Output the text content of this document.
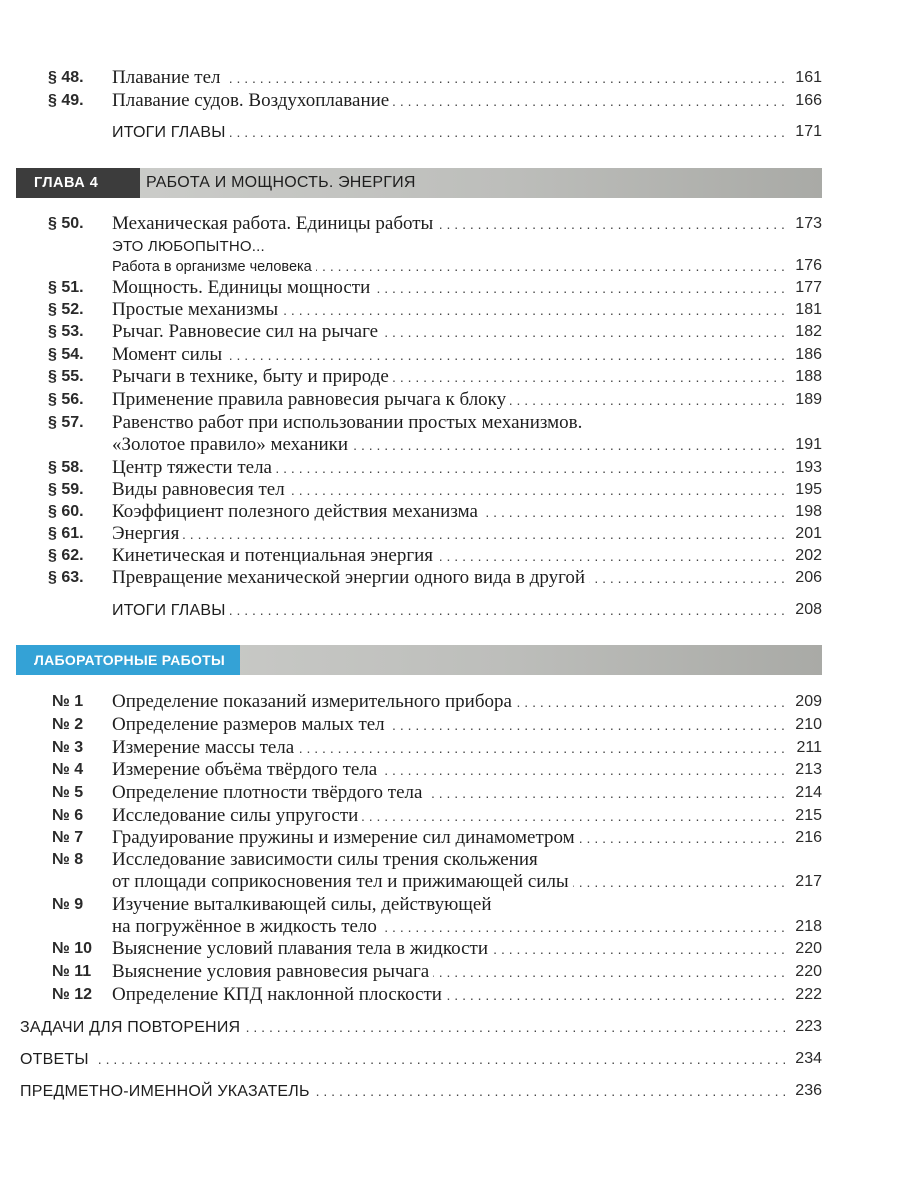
§ 48.	Плавание тел . . .	161
§ 49.	Плавание судов. Воздухоплавание . . .	166
ИТОГИ ГЛАВЫ . . .	171
ГЛАВА 4	РАБОТА И МОЩНОСТЬ. ЭНЕРГИЯ
§ 50.	Механическая работа. Единицы работы . . .	173
ЭТО ЛЮБОПЫТНО...
Работа в организме человека . . .	176
§ 51.	Мощность. Единицы мощности . . .	177
§ 52.	Простые механизмы . . .	181
§ 53.	Рычаг. Равновесие сил на рычаге . . .	182
§ 54.	Момент силы . . .	186
§ 55.	Рычаги в технике, быту и природе . . .	188
§ 56.	Применение правила равновесия рычага к блоку . . .	189
§ 57.	Равенство работ при использовании простых механизмов.
«Золотое правило» механики . . .	191
§ 58.	Центр тяжести тела . . .	193
§ 59.	Виды равновесия тел . . .	195
§ 60.	Коэффициент полезного действия механизма . . .	198
§ 61.	Энергия . . .	201
§ 62.	Кинетическая и потенциальная энергия . . .	202
§ 63.	Превращение механической энергии одного вида в другой . . .	206
ИТОГИ ГЛАВЫ . . .	208
ЛАБОРАТОРНЫЕ РАБОТЫ
№ 1	Определение показаний измерительного прибора . . .	209
№ 2	Определение размеров малых тел . . .	210
№ 3	Измерение массы тела . . .	211
№ 4	Измерение объёма твёрдого тела . . .	213
№ 5	Определение плотности твёрдого тела . . .	214
№ 6	Исследование силы упругости . . .	215
№ 7	Градуирование пружины и измерение сил динамометром . . .	216
№ 8	Исследование зависимости силы трения скольжения
от площади соприкосновения тел и прижимающей силы . . .	217
№ 9	Изучение выталкивающей силы, действующей
на погружённое в жидкость тело . . .	218
№ 10	Выяснение условий плавания тела в жидкости . . .	220
№ 11	Выяснение условия равновесия рычага . . .	220
№ 12	Определение КПД наклонной плоскости . . .	222
ЗАДАЧИ ДЛЯ ПОВТОРЕНИЯ . . .	223
ОТВЕТЫ . . .	234
ПРЕДМЕТНО-ИМЕННОЙ УКАЗАТЕЛЬ . . .	236
